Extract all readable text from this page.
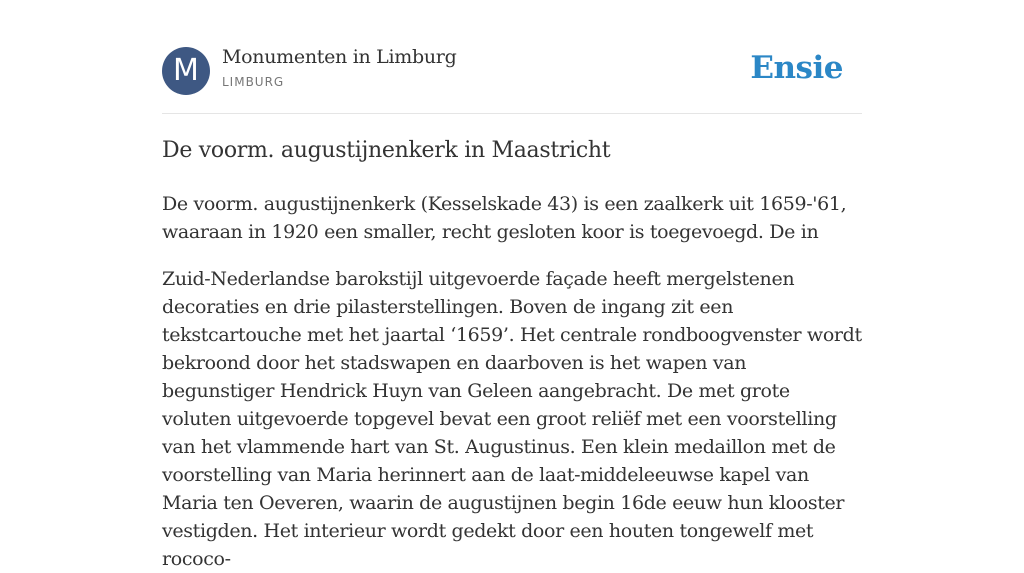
M	Monumenten in Limburg
LIMBURG	Ensie
De voorm. augustijnenkerk in Maastricht

De voorm. augustijnenkerk (Kesselskade 43) is een zaalkerk uit 1659-'61, waaraan in 1920 een smaller, recht gesloten koor is toegevoegd. De in

Zuid-Nederlandse barokstijl uitgevoerde façade heeft mergelstenen decoraties en drie pilasterstellingen. Boven de ingang zit een tekstcartouche met het jaartal ‘1659’. Het centrale rondboogvenster wordt bekroond door het stadswapen en daarboven is het wapen van begunstiger Hendrick Huyn van Geleen aangebracht. De met grote voluten uitgevoerde topgevel bevat een groot reliëf met een voorstelling van het vlammende hart van St. Augustinus. Een klein medaillon met de voorstelling van Maria herinnert aan de laat-middeleeuwse kapel van Maria ten Oeveren, waarin de augustijnen begin 16de eeuw hun klooster vestigden. Het interieur wordt gedekt door een houten tongewelf met rococo-
